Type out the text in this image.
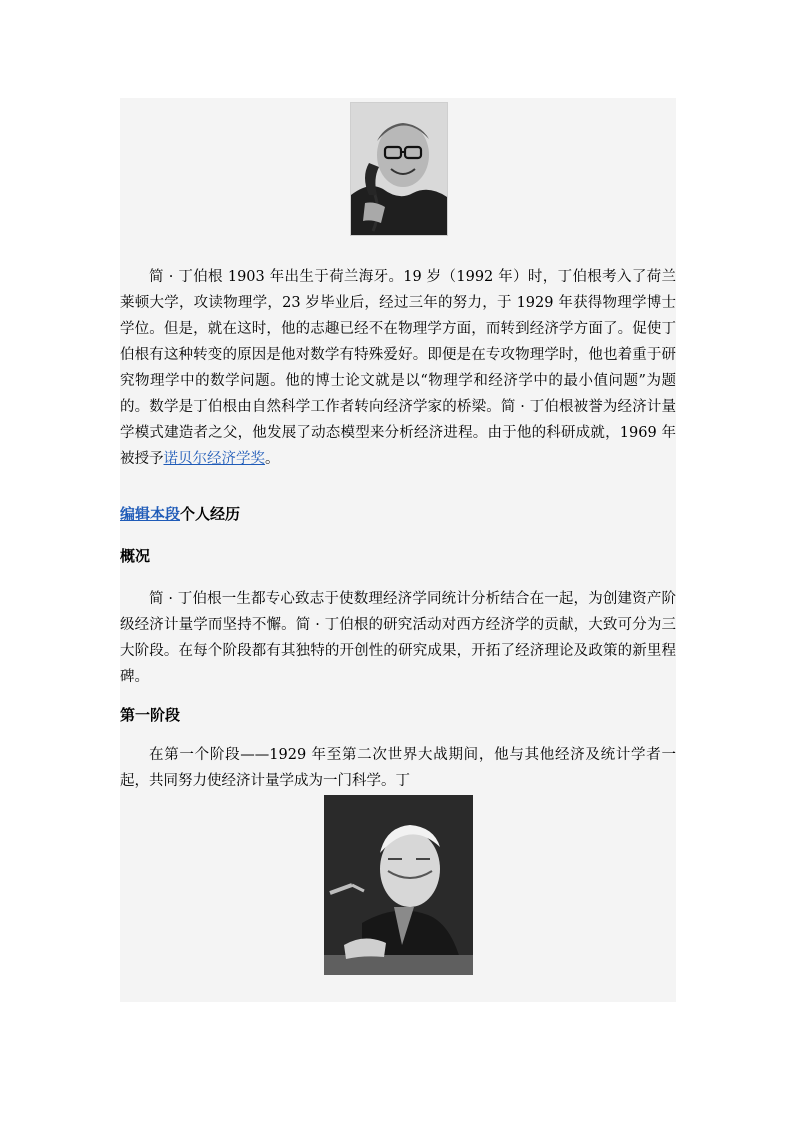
简 · 丁伯根 1903 年出生于荷兰海牙。19 岁（1992 年）时，丁伯根考入了荷兰莱顿大学，攻读物理学，23 岁毕业后，经过三年的努力，于 1929 年获得物理学博士学位。但是，就在这时，他的志趣已经不在物理学方面，而转到经济学方面了。促使丁伯根有这种转变的原因是他对数学有特殊爱好。即便是在专攻物理学时，他也着重于研究物理学中的数学问题。他的博士论文就是以“物理学和经济学中的最小值问题”为题的。数学是丁伯根由自然科学工作者转向经济学家的桥梁。简 · 丁伯根被誉为经济计量学模式建造者之父，他发展了动态模型来分析经济进程。由于他的科研成就，1969 年被授予诺贝尔经济学奖。

编辑本段个人经历
概况

简 · 丁伯根一生都专心致志于使数理经济学同统计分析结合在一起，为创建资产阶级经济计量学而坚持不懈。简 · 丁伯根的研究活动对西方经济学的贡献，大致可分为三大阶段。在每个阶段都有其独特的开创性的研究成果，开拓了经济理论及政策的新里程碑。

第一阶段

在第一个阶段——1929 年至第二次世界大战期间，他与其他经济及统计学者一起，共同努力使经济计量学成为一门科学。丁
